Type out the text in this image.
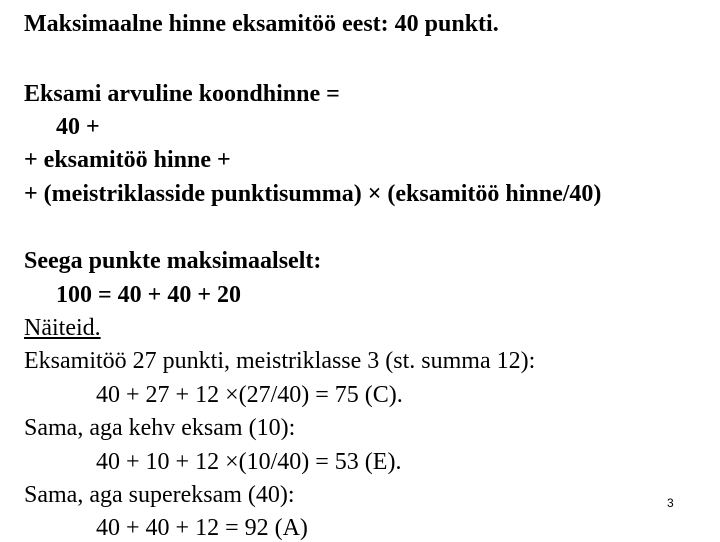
Maksimaalne hinne eksamitöö eest: 40 punkti.
Eksami arvuline koondhinne =
40 +
+ eksamitöö hinne +
+ (meistriklasside punktisumma) × (eksamitöö hinne/40)
Seega punkte maksimaalselt:
100 = 40 + 40 + 20
Näiteid.
Eksamitöö 27 punkti, meistriklasse 3 (st. summa 12):
40 + 27 + 12 ×(27/40) = 75 (C).
Sama, aga kehv eksam (10):
40 + 10 + 12 ×(10/40) = 53 (E).
Sama, aga supereksam (40):
40 + 40 + 12 = 92 (A)
3
